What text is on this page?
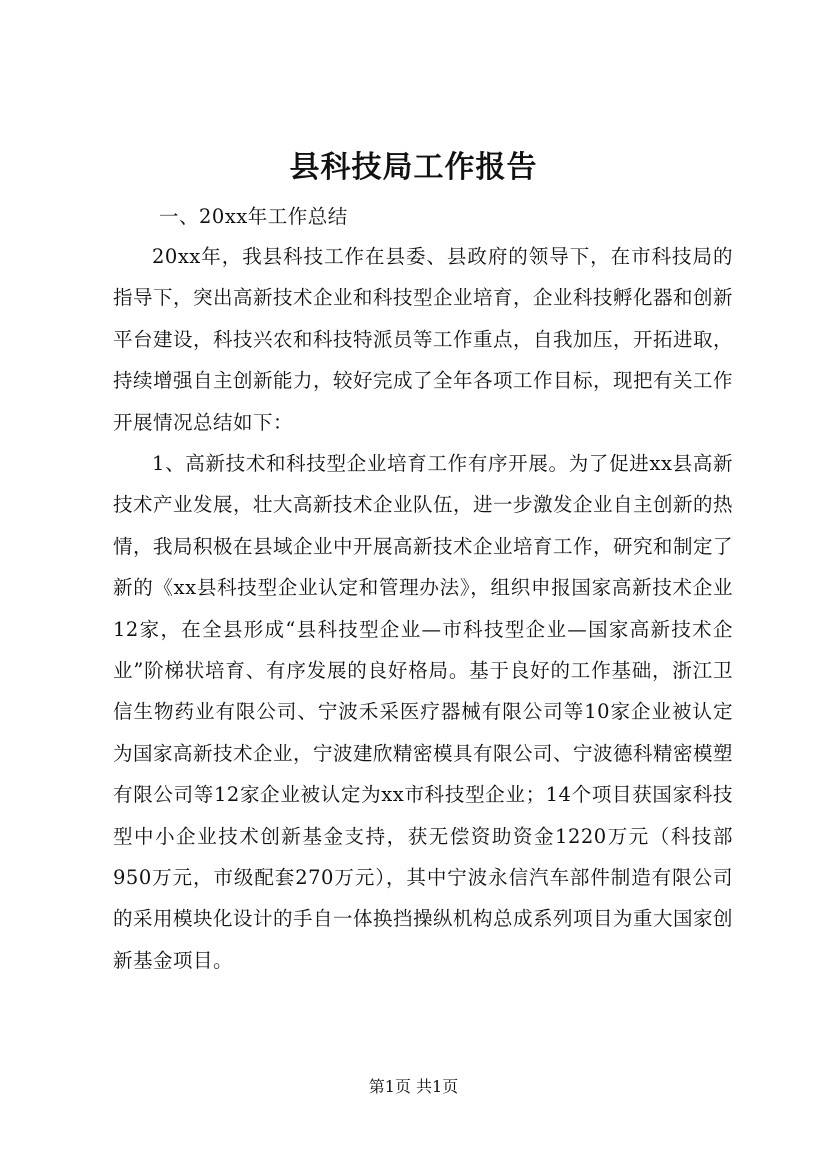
县科技局工作报告
一、20xx年工作总结

20xx年，我县科技工作在县委、县政府的领导下，在市科技局的指导下，突出高新技术企业和科技型企业培育，企业科技孵化器和创新平台建设，科技兴农和科技特派员等工作重点，自我加压，开拓进取，持续增强自主创新能力，较好完成了全年各项工作目标，现把有关工作开展情况总结如下：

1、高新技术和科技型企业培育工作有序开展。为了促进xx县高新技术产业发展，壮大高新技术企业队伍，进一步激发企业自主创新的热情，我局积极在县域企业中开展高新技术企业培育工作，研究和制定了新的《xx县科技型企业认定和管理办法》，组织申报国家高新技术企业12家，在全县形成“县科技型企业—市科技型企业—国家高新技术企业”阶梯状培育、有序发展的良好格局。基于良好的工作基础，浙江卫信生物药业有限公司、宁波禾采医疗器械有限公司等10家企业被认定为国家高新技术企业，宁波建欣精密模具有限公司、宁波德科精密模塑有限公司等12家企业被认定为xx市科技型企业；14个项目获国家科技型中小企业技术创新基金支持，获无偿资助资金1220万元（科技部950万元，市级配套270万元），其中宁波永信汽车部件制造有限公司的采用模块化设计的手自一体换挡操纵机构总成系列项目为重大国家创新基金项目。

第1页 共1页
